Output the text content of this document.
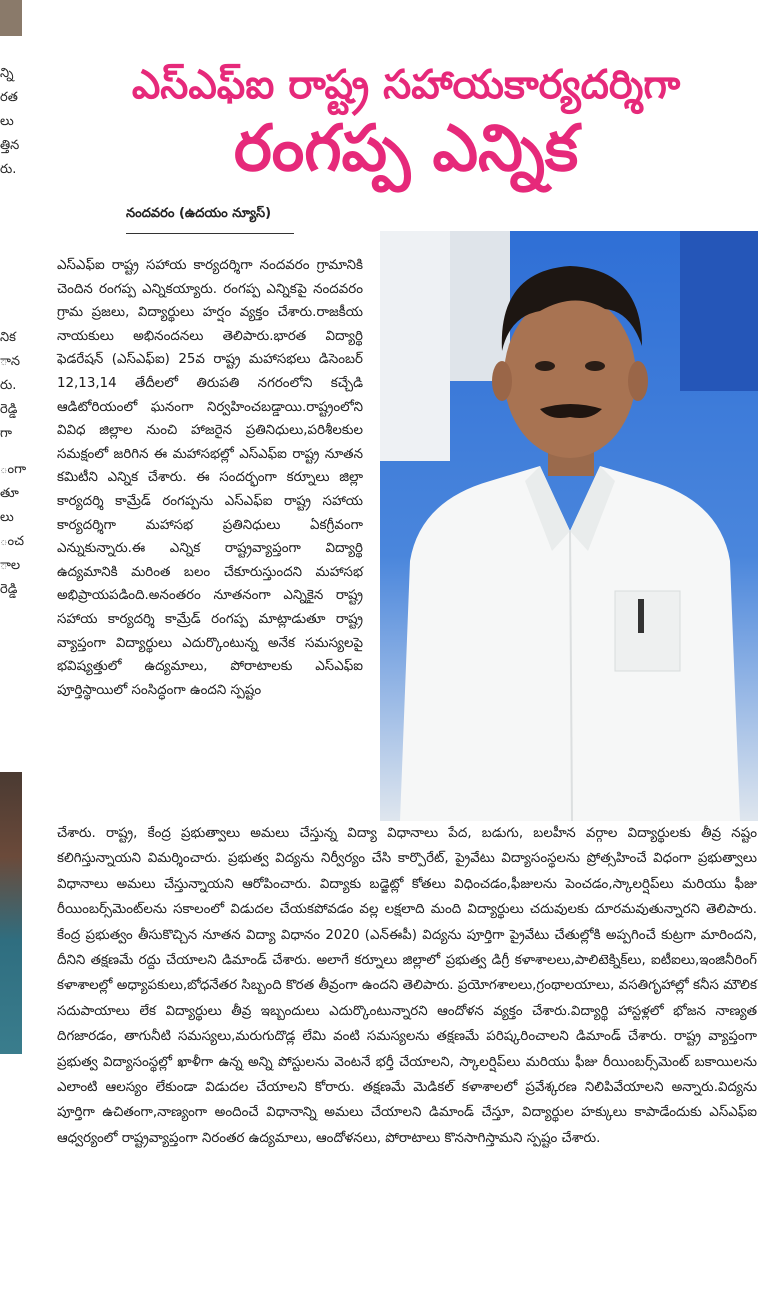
న్ని
రత
లు
త్తిన
రు.
నిక
ాన
రు.
రెడ్డి
గా
ంగా
తూ
లు
ంచ
ాల
రెడ్డి
ఎస్ఎఫ్ఐ రాష్ట్ర సహాయకార్యదర్శిగా
రంగప్ప ఎన్నిక
నందవరం (ఉదయం న్యూస్)
ఎస్ఎఫ్ఐ రాష్ట్ర సహాయ కార్యదర్శిగా నందవరం గ్రామానికి చెందిన రంగప్ప ఎన్నికయ్యారు. రంగప్ప ఎన్నికపై నందవరం గ్రామ ప్రజలు, విద్యార్థులు హర్షం వ్యక్తం చేశారు.రాజకీయ నాయకులు అభినందనలు తెలిపారు.భారత విద్యార్థి ఫెడరేషన్ (ఎస్ఎఫ్ఐ) 25వ రాష్ట్ర మహాసభలు డిసెంబర్ 12,13,14 తేదీలలో తిరుపతి నగరంలోని కచ్చేడి ఆడిటోరియంలో ఘనంగా నిర్వహించబడ్డాయి.రాష్ట్రంలోని వివిధ జిల్లాల నుంచి హాజరైన ప్రతినిధులు,పరిశీలకుల సమక్షంలో జరిగిన ఈ మహాసభల్లో ఎస్ఎఫ్ఐ రాష్ట్ర నూతన కమిటీని ఎన్నిక చేశారు. ఈ సందర్భంగా కర్నూలు జిల్లా కార్యదర్శి కామ్రేడ్ రంగప్పను ఎస్ఎఫ్ఐ రాష్ట్ర సహాయ కార్యదర్శిగా మహాసభ ప్రతినిధులు ఏకగ్రీవంగా ఎన్నుకున్నారు.ఈ ఎన్నిక రాష్ట్రవ్యాప్తంగా విద్యార్థి ఉద్యమానికి మరింత బలం చేకూరుస్తుందని మహాసభ అభిప్రాయపడింది.అనంతరం నూతనంగా ఎన్నికైన రాష్ట్ర సహాయ కార్యదర్శి కామ్రేడ్ రంగప్ప మాట్లాడుతూ రాష్ట్ర వ్యాప్తంగా విద్యార్థులు ఎదుర్కొంటున్న అనేక సమస్యలపై భవిష్యత్తులో ఉద్యమాలు, పోరాటాలకు ఎస్ఎఫ్ఐ పూర్తిస్థాయిలో సంసిద్ధంగా ఉందని స్పష్టం
చేశారు. రాష్ట్ర, కేంద్ర ప్రభుత్వాలు అమలు చేస్తున్న విద్యా విధానాలు పేద, బడుగు, బలహీన వర్గాల విద్యార్థులకు తీవ్ర నష్టం కలిగిస్తున్నాయని విమర్శించారు. ప్రభుత్వ విద్యను నిర్వీర్యం చేసి కార్పొరేట్, ప్రైవేటు విద్యాసంస్థలను ప్రోత్సహించే విధంగా ప్రభుత్వాలు విధానాలు అమలు చేస్తున్నాయని ఆరోపించారు. విద్యాకు బడ్జెట్లో కోతలు విధించడం,ఫీజులను పెంచడం,స్కాలర్షిప్‌లు మరియు ఫీజు రీయింబర్స్‌మెంట్‌లను సకాలంలో విడుదల చేయకపోవడం వల్ల లక్షలాది మంది విద్యార్థులు చదువులకు దూరమవుతున్నారని తెలిపారు. కేంద్ర ప్రభుత్వం తీసుకొచ్చిన నూతన విద్యా విధానం 2020 (ఎన్ఈపీ) విద్యను పూర్తిగా ప్రైవేటు చేతుల్లోకి అప్పగించే కుట్రగా మారిందని, దీనిని తక్షణమే రద్దు చేయాలని డిమాండ్ చేశారు. అలాగే కర్నూలు జిల్లాలో ప్రభుత్వ డిగ్రీ కళాశాలలు,పాలిటెక్నిక్‌లు, ఐటీఐలు,ఇంజినీరింగ్ కళాశాలల్లో అధ్యాపకులు,బోధనేతర సిబ్బంది కొరత తీవ్రంగా ఉందని తెలిపారు. ప్రయోగశాలలు,గ్రంథాలయాలు, వసతిగృహాల్లో కనీస మౌలిక సదుపాయాలు లేక విద్యార్థులు తీవ్ర ఇబ్బందులు ఎదుర్కొంటున్నారని ఆందోళన వ్యక్తం చేశారు.విద్యార్థి హాస్టళ్లలో భోజన నాణ్యత దిగజారడం, తాగునీటి సమస్యలు,మరుగుదొడ్ల లేమి వంటి సమస్యలను తక్షణమే పరిష్కరించాలని డిమాండ్ చేశారు. రాష్ట్ర వ్యాప్తంగా ప్రభుత్వ విద్యాసంస్థల్లో ఖాళీగా ఉన్న అన్ని పోస్టులను వెంటనే భర్తీ చేయాలని, స్కాలర్షిప్‌లు మరియు ఫీజు రీయింబర్స్‌మెంట్ బకాయిలను ఎలాంటి ఆలస్యం లేకుండా విడుదల చేయాలని కోరారు. తక్షణమే మెడికల్ కళాశాలలో ప్రవేశ్కరణ నిలిపివేయాలని అన్నారు.విద్యను పూర్తిగా ఉచితంగా,నాణ్యంగా అందించే విధానాన్ని అమలు చేయాలని డిమాండ్ చేస్తూ, విద్యార్థుల హక్కులు కాపాడేందుకు ఎస్ఎఫ్ఐ ఆధ్వర్యంలో రాష్ట్రవ్యాప్తంగా నిరంతర ఉద్యమాలు, ఆందోళనలు, పోరాటాలు కొనసాగిస్తామని స్పష్టం చేశారు.
